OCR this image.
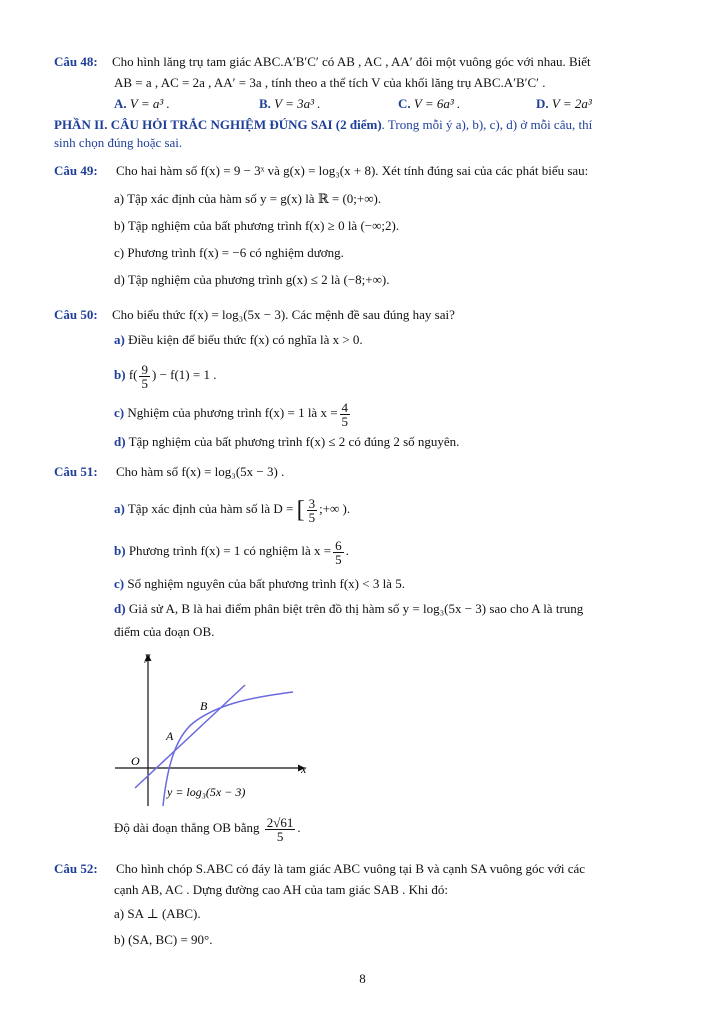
Câu 48: Cho hình lăng trụ tam giác ABC.A′B′C′ có AB , AC , AA′ đôi một vuông góc với nhau. Biết
AB = a , AC = 2a , AA′ = 3a , tính theo a thể tích V của khối lăng trụ ABC.A′B′C′ .
A. V = a³ .	B. V = 3a³ .	C. V = 6a³ .	D. V = 2a³
PHẦN II. CÂU HỎI TRẮC NGHIỆM ĐÚNG SAI (2 điểm). Trong mỗi ý a), b), c), d) ở mỗi câu, thí
sinh chọn đúng hoặc sai.
Câu 49: Cho hai hàm số f(x) = 9 − 3ˣ và g(x) = log₃(x + 8). Xét tính đúng sai của các phát biểu sau:
a) Tập xác định của hàm số y = g(x) là ℝ = (0;+∞).
b) Tập nghiệm của bất phương trình f(x) ≥ 0 là (−∞;2).
c) Phương trình f(x) = −6 có nghiệm dương.
d) Tập nghiệm của phương trình g(x) ≤ 2 là (−8;+∞).
Câu 50: Cho biểu thức f(x) = log₃(5x − 3). Các mệnh đề sau đúng hay sai?
a) Điều kiện để biểu thức f(x) có nghĩa là x > 0.
b) $f( \frac{9}{5}$ ) − f(1) = 1 .
c) Nghiệm của phương trình f(x) = 1 là $x = \frac{4}{5}$
d) Tập nghiệm của bất phương trình f(x) ≤ 2 có đúng 2 số nguyên.
Câu 51: Cho hàm số f(x) = log₃(5x − 3) .
a) Tập xác định của hàm số là D = [ $\frac{3}{5}$ ;+∞ ).
b) Phương trình f(x) = 1 có nghiệm là $x = \frac{6}{5}$ .
c) Số nghiệm nguyên của bất phương trình f(x) < 3 là 5.
d) Giả sử A, B là hai điểm phân biệt trên đồ thị hàm số y = log₃(5x − 3) sao cho A là trung
điểm của đoạn OB.
y
x
O
A
B
y = log₃(5x − 3)
Độ dài đoạn thẳng OB bằng $\frac{2√61}{5}$ .
Câu 52: Cho hình chóp S.ABC có đáy là tam giác ABC vuông tại B và cạnh SA vuông góc với các
cạnh AB, AC . Dựng đường cao AH của tam giác SAB . Khi đó:
a) SA ⊥ (ABC).
b) (SA, BC) = 90°.
8
